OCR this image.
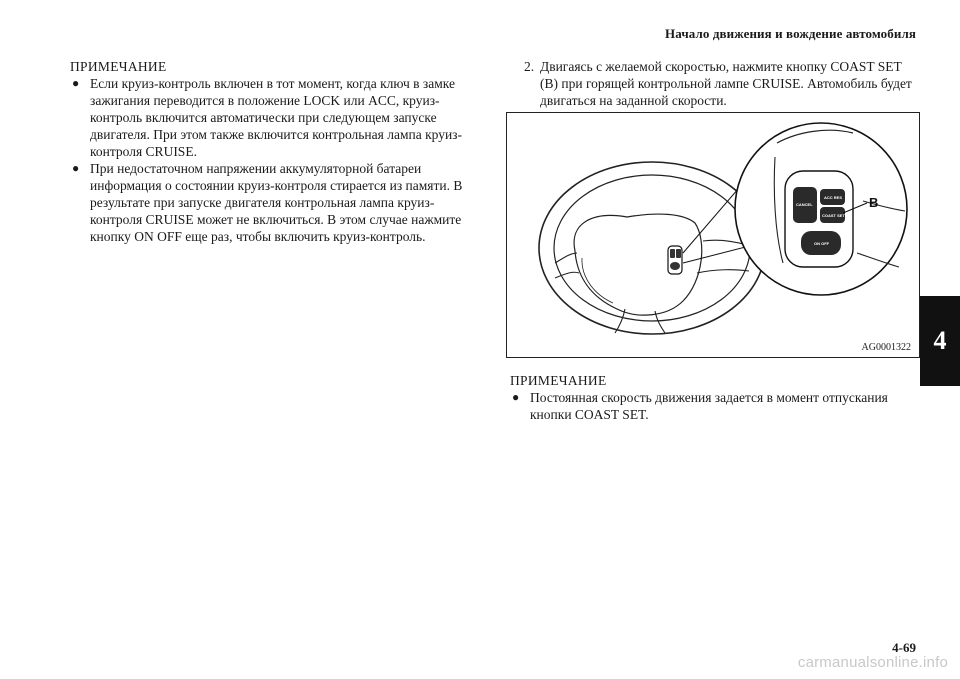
Начало движения и вождение автомобиля
4
ПРИМЕЧАНИЕ
● Если круиз-контроль включен в тот момент, когда ключ в замке зажигания переводится в положение LOCK или ACC, круиз-контроль включится автоматически при следующем запуске двигателя. При этом также включится контрольная лампа круиз-контроля CRUISE.
● При недостаточном напряжении аккумуляторной батареи информация о состоянии круиз-контроля стирается из памяти. В результате при запуске двигателя контрольная лампа круиз-контроля CRUISE может не включиться. В этом случае нажмите кнопку ON OFF еще раз, чтобы включить круиз-контроль.
2. Двигаясь с желаемой скоростью, нажмите кнопку COAST SET (B) при горящей контрольной лампе CRUISE. Автомобиль будет двигаться на заданной скорости.
CANCEL
ACC RES
COAST SET
ON OFF
B
AG0001322
ПРИМЕЧАНИЕ
● Постоянная скорость движения задается в момент отпускания кнопки COAST SET.
4-69
carmanualsonline.info
